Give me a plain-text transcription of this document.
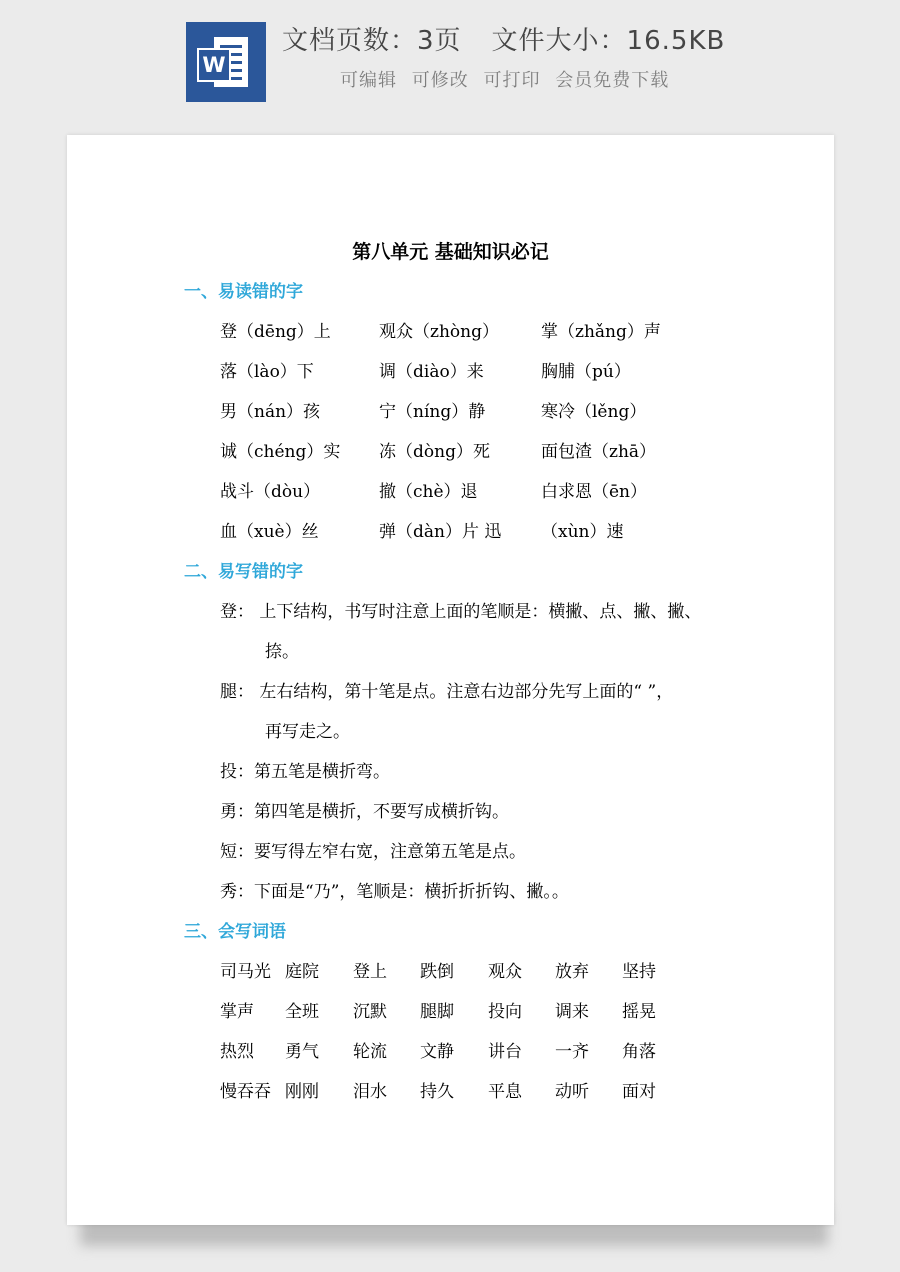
W
文档页数：3页 文件大小：16.5KB
可编辑 可修改 可打印 会员免费下载
第八单元 基础知识必记
一、易读错的字
登（dēng）上	观众（zhòng） 掌（zhǎng）声
落（lào）下	调（diào）来	胸脯（pú）
男（nán）孩	宁（níng）静	寒冷（lěng）
诚（chéng）实 冻（dòng）死	面包渣（zhā）
战斗（dòu）	撤（chè）退	白求恩（ēn）
血（xuè）丝	弹（dàn）片 迅 （xùn）速
二、易写错的字
登： 上下结构，书写时注意上面的笔顺是：横撇、点、撇、撇、
捺。
腿： 左右结构，第十笔是点。注意右边部分先写上面的“ ”，
再写走之。
投：第五笔是横折弯。
勇：第四笔是横折，不要写成横折钩。
短：要写得左窄右宽，注意第五笔是点。
秀：下面是“乃”，笔顺是：横折折折钩、撇。。
三、会写词语
司马光 庭院 登上 跌倒 观众 放弃 坚持
掌声 全班 沉默 腿脚 投向 调来 摇晃
热烈 勇气 轮流 文静 讲台 一齐 角落
慢吞吞 刚刚 泪水 持久 平息 动听 面对
